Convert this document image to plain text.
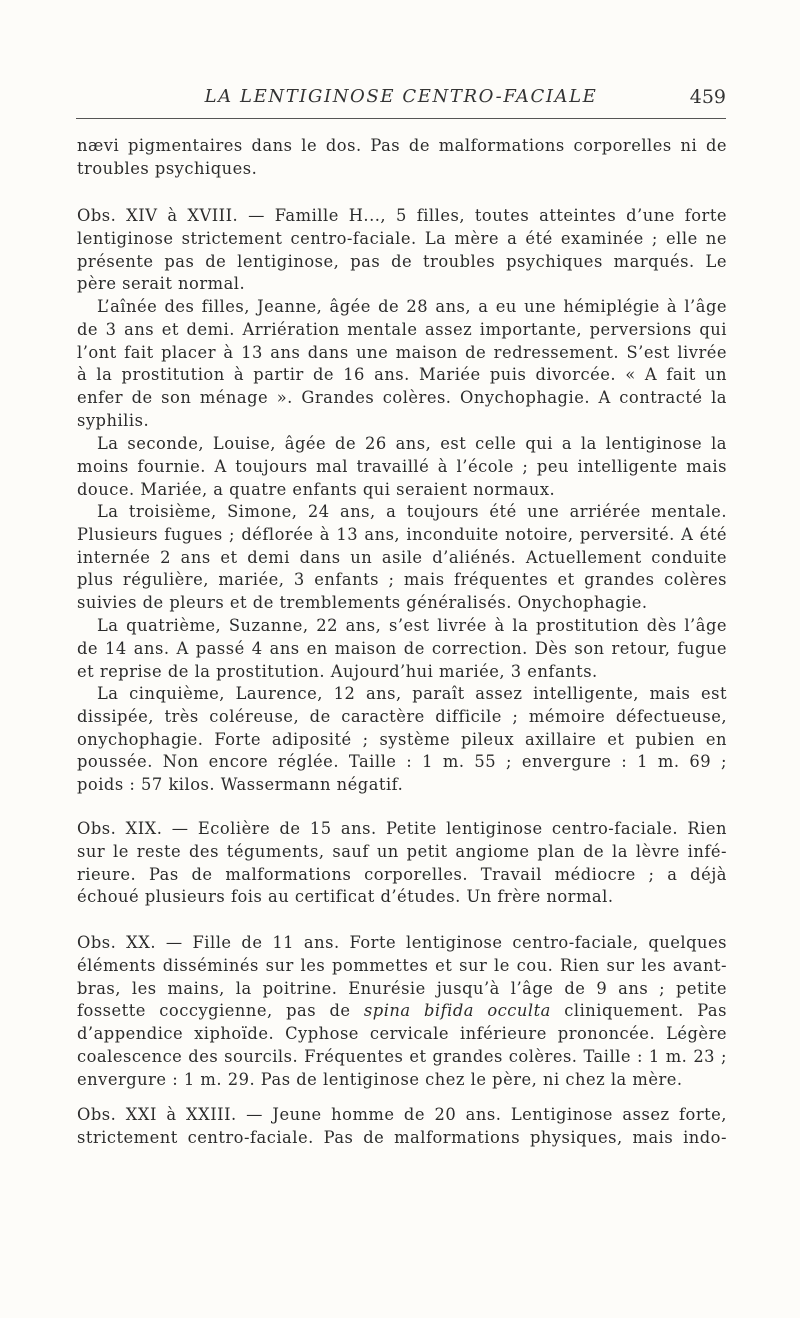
LA LENTIGINOSE CENTRO-FACIALE	459
nævi pigmentaires dans le dos. Pas de malformations corporelles ni de
troubles psychiques.
Obs. XIV à XVIII. — Famille H..., 5 filles, toutes atteintes d’une forte
lentiginose strictement centro-faciale. La mère a été examinée ; elle ne
présente pas de lentiginose, pas de troubles psychiques marqués. Le
père serait normal.
L’aînée des filles, Jeanne, âgée de 28 ans, a eu une hémiplégie à l’âge
de 3 ans et demi. Arriération mentale assez importante, perversions qui
l’ont fait placer à 13 ans dans une maison de redressement. S’est livrée
à la prostitution à partir de 16 ans. Mariée puis divorcée. « A fait un
enfer de son ménage ». Grandes colères. Onychophagie. A contracté la
syphilis.
La seconde, Louise, âgée de 26 ans, est celle qui a la lentiginose la
moins fournie. A toujours mal travaillé à l’école ; peu intelligente mais
douce. Mariée, a quatre enfants qui seraient normaux.
La troisième, Simone, 24 ans, a toujours été une arriérée mentale.
Plusieurs fugues ; déflorée à 13 ans, inconduite notoire, perversité. A été
internée 2 ans et demi dans un asile d’aliénés. Actuellement conduite
plus régulière, mariée, 3 enfants ; mais fréquentes et grandes colères
suivies de pleurs et de tremblements généralisés. Onychophagie.
La quatrième, Suzanne, 22 ans, s’est livrée à la prostitution dès l’âge
de 14 ans. A passé 4 ans en maison de correction. Dès son retour, fugue
et reprise de la prostitution. Aujourd’hui mariée, 3 enfants.
La cinquième, Laurence, 12 ans, paraît assez intelligente, mais est
dissipée, très coléreuse, de caractère difficile ; mémoire défectueuse,
onychophagie. Forte adiposité ; système pileux axillaire et pubien en
poussée. Non encore réglée. Taille : 1 m. 55 ; envergure : 1 m. 69 ;
poids : 57 kilos. Wassermann négatif.
Obs. XIX. — Ecolière de 15 ans. Petite lentiginose centro-faciale. Rien
sur le reste des téguments, sauf un petit angiome plan de la lèvre infé-
rieure. Pas de malformations corporelles. Travail médiocre ; a déjà
échoué plusieurs fois au certificat d’études. Un frère normal.
Obs. XX. — Fille de 11 ans. Forte lentiginose centro-faciale, quelques
éléments disséminés sur les pommettes et sur le cou. Rien sur les avant-
bras, les mains, la poitrine. Enurésie jusqu’à l’âge de 9 ans ; petite
fossette coccygienne, pas de spina bifida occulta cliniquement. Pas
d’appendice xiphoïde. Cyphose cervicale inférieure prononcée. Légère
coalescence des sourcils. Fréquentes et grandes colères. Taille : 1 m. 23 ;
envergure : 1 m. 29. Pas de lentiginose chez le père, ni chez la mère.
Obs. XXI à XXIII. — Jeune homme de 20 ans. Lentiginose assez forte,
strictement centro-faciale. Pas de malformations physiques, mais indo-
